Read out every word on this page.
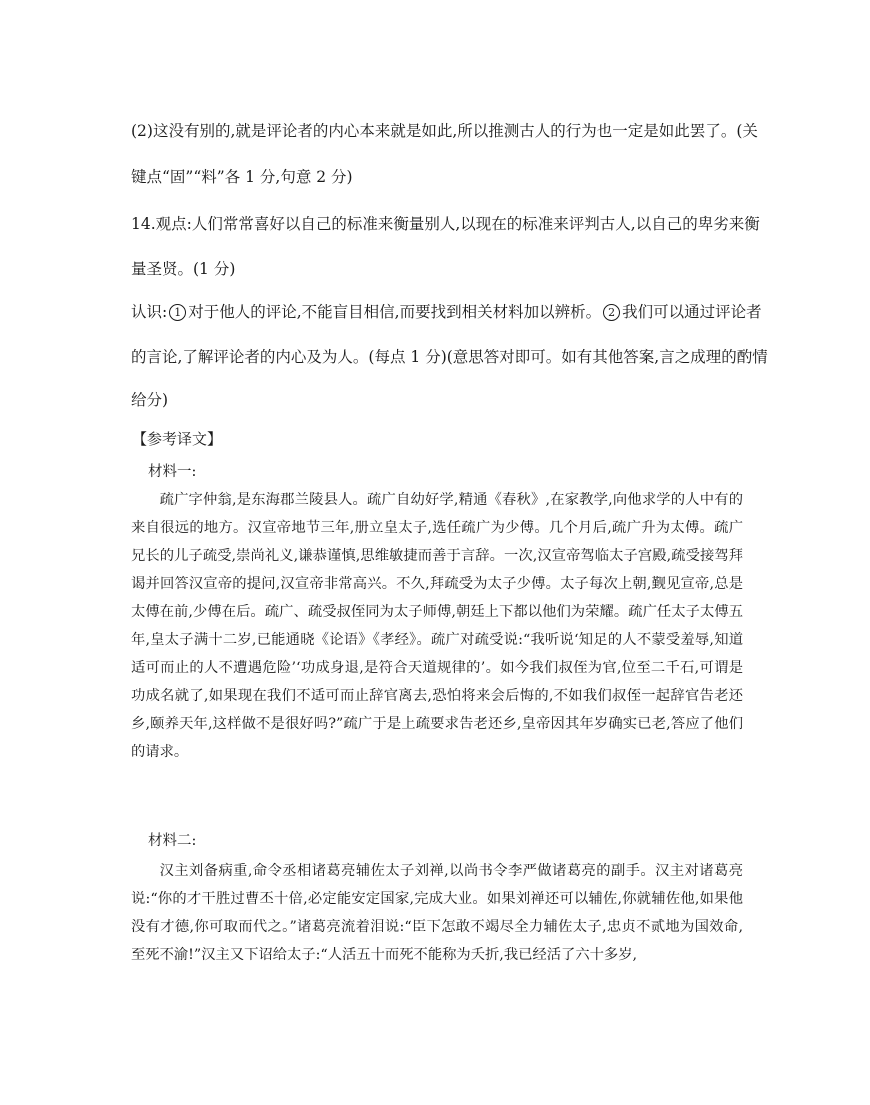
(2)这没有别的,就是评论者的内心本来就是如此,所以推测古人的行为也一定是如此罢了。(关
键点“固”“料”各 1 分,句意 2 分)
14.观点:人们常常喜好以自己的标准来衡量别人,以现在的标准来评判古人,以自己的卑劣来衡
量圣贤。(1 分)
认识: 1 对于他人的评论,不能盲目相信,而要找到相关材料加以辨析。 2 我们可以通过评论者
的言论,了解评论者的内心及为人。(每点 1 分)(意思答对即可。如有其他答案,言之成理的酌情
给分)
【参考译文】
材料一:

疏广字仲翁,是东海郡兰陵县人。疏广自幼好学,精通《春秋》,在家教学,向他求学的人中有的来自很远的地方。汉宣帝地节三年,册立皇太子,选任疏广为少傅。几个月后,疏广升为太傅。疏广兄长的儿子疏受,崇尚礼义,谦恭谨慎,思维敏捷而善于言辞。一次,汉宣帝驾临太子宫殿,疏受接驾拜谒并回答汉宣帝的提问,汉宣帝非常高兴。不久,拜疏受为太子少傅。太子每次上朝,觐见宣帝,总是太傅在前,少傅在后。疏广、疏受叔侄同为太子师傅,朝廷上下都以他们为荣耀。疏广任太子太傅五年,皇太子满十二岁,已能通晓《论语》《孝经》。疏广对疏受说:“我听说‘知足的人不蒙受羞辱,知道适可而止的人不遭遇危险’‘功成身退,是符合天道规律的’。如今我们叔侄为官,位至二千石,可谓是功成名就了,如果现在我们不适可而止辞官离去,恐怕将来会后悔的,不如我们叔侄一起辞官告老还乡,颐养天年,这样做不是很好吗?”疏广于是上疏要求告老还乡,皇帝因其年岁确实已老,答应了他们的请求。

材料二:

汉主刘备病重,命令丞相诸葛亮辅佐太子刘禅,以尚书令李严做诸葛亮的副手。汉主对诸葛亮说:“你的才干胜过曹丕十倍,必定能安定国家,完成大业。如果刘禅还可以辅佐,你就辅佐他,如果他没有才德,你可取而代之。”诸葛亮流着泪说:“臣下怎敢不竭尽全力辅佐太子,忠贞不贰地为国效命,至死不渝!”汉主又下诏给太子:“人活五十而死不能称为夭折,我已经活了六十多岁,
